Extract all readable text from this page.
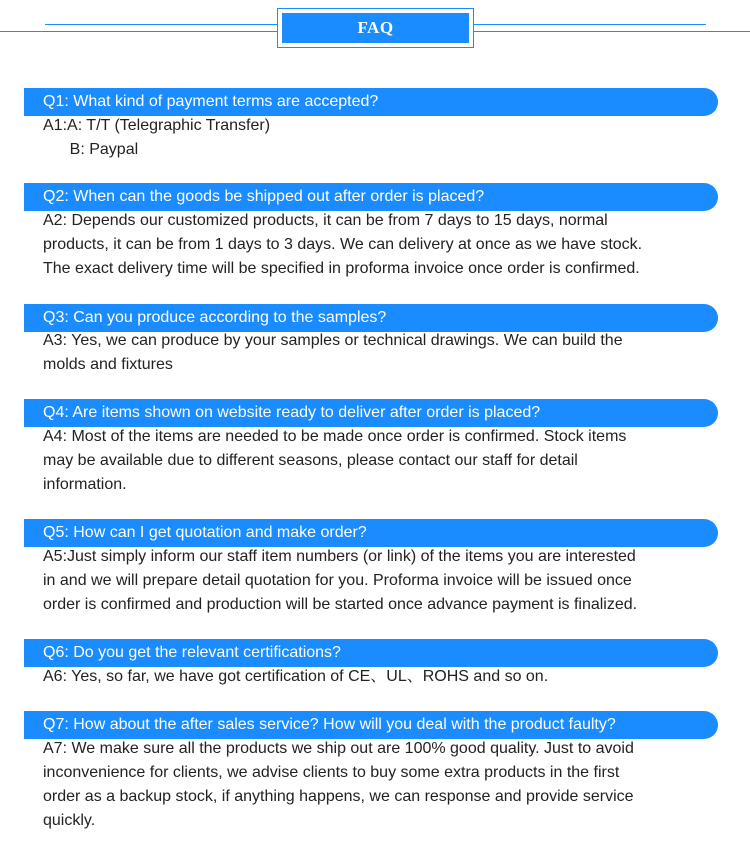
FAQ
Q1: What kind of payment terms are accepted?

A1:A: T/T (Telegraphic Transfer)

B: Paypal

Q2: When can the goods be shipped out after order is placed?

A2: Depends our customized products, it can be from 7 days to 15 days, normal

products, it can be from 1 days to 3 days. We can delivery at once as we have stock.

The exact delivery time will be specified in proforma invoice once order is confirmed.

Q3: Can you produce according to the samples?

A3: Yes, we can produce by your samples or technical drawings. We can build the

molds and fixtures

Q4: Are items shown on website ready to deliver after order is placed?

A4: Most of the items are needed to be made once order is confirmed. Stock items

may be available due to different seasons, please contact our staff for detail

information.

Q5: How can I get quotation and make order?

A5:Just simply inform our staff item numbers (or link) of the items you are interested

in and we will prepare detail quotation for you. Proforma invoice will be issued once

order is confirmed and production will be started once advance payment is finalized.

Q6: Do you get the relevant certifications?

A6: Yes, so far, we have got certification of CE、UL、ROHS and so on.

Q7: How about the after sales service? How will you deal with the product faulty?

A7: We make sure all the products we ship out are 100% good quality. Just to avoid

inconvenience for clients, we advise clients to buy some extra products in the first

order as a backup stock, if anything happens, we can response and provide service

quickly.
